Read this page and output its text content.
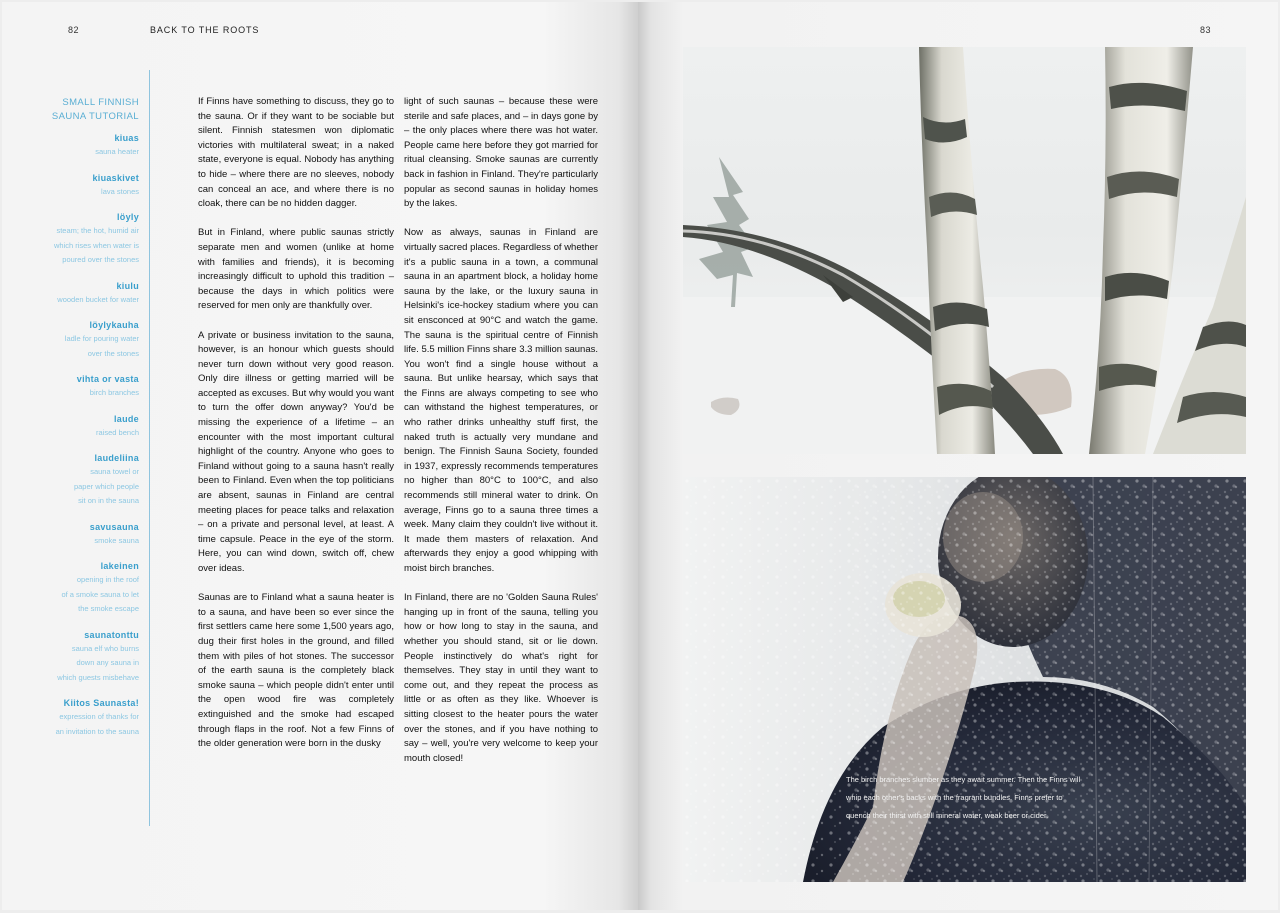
82	BACK TO THE ROOTS
SMALL FINNISH
SAUNA TUTORIAL
kiuas
sauna heater
kiuaskivet
lava stones
löyly
steam; the hot, humid air
which rises when water is
poured over the stones
kiulu
wooden bucket for water
löylykauha
ladle for pouring water
over the stones
vihta or vasta
birch branches
laude
raised bench
laudeliina
sauna towel or
paper which people
sit on in the sauna
savusauna
smoke sauna
lakeinen
opening in the roof
of a smoke sauna to let
the smoke escape
saunatonttu
sauna elf who burns
down any sauna in
which guests misbehave
Kiitos Saunasta!
expression of thanks for
an invitation to the sauna

If Finns have something to discuss, they go to the sauna. Or if they want to be sociable but silent. Finnish statesmen won diplomatic victories with multilateral sweat; in a naked state, everyone is equal. Nobody has anything to hide – where there are no sleeves, nobody can conceal an ace, and where there is no cloak, there can be no hidden dagger.

But in Finland, where public saunas strictly separate men and women (unlike at home with families and friends), it is becoming increasingly difficult to uphold this tradition – because the days in which politics were reserved for men only are thankfully over.

A private or business invitation to the sauna, however, is an honour which guests should never turn down without very good reason. Only dire illness or getting married will be accepted as excuses. But why would you want to turn the offer down anyway? You'd be missing the experience of a lifetime – an encounter with the most important cultural highlight of the country. Anyone who goes to Finland without going to a sauna hasn't really been to Finland. Even when the top politicians are absent, saunas in Finland are central meeting places for peace talks and relaxation – on a private and personal level, at least. A time capsule. Peace in the eye of the storm. Here, you can wind down, switch off, chew over ideas.

Saunas are to Finland what a sauna heater is to a sauna, and have been so ever since the first settlers came here some 1,500 years ago, dug their first holes in the ground, and filled them with piles of hot stones. The successor of the earth sauna is the completely black smoke sauna – which people didn't enter until the open wood fire was completely extinguished and the smoke had escaped through flaps in the roof. Not a few Finns of the older generation were born in the dusky

light of such saunas – because these were sterile and safe places, and – in days gone by – the only places where there was hot water. People came here before they got married for ritual cleansing. Smoke saunas are currently back in fashion in Finland. They're particularly popular as second saunas in holiday homes by the lakes.

Now as always, saunas in Finland are virtually sacred places. Regardless of whether it's a public sauna in a town, a communal sauna in an apartment block, a holiday home sauna by the lake, or the luxury sauna in Helsinki's ice-hockey stadium where you can sit ensconced at 90°C and watch the game. The sauna is the spiritual centre of Finnish life. 5.5 million Finns share 3.3 million saunas. You won't find a single house without a sauna. But unlike hearsay, which says that the Finns are always competing to see who can withstand the highest temperatures, or who rather drinks unhealthy stuff first, the naked truth is actually very mundane and benign. The Finnish Sauna Society, founded in 1937, expressly recommends temperatures no higher than 80°C to 100°C, and also recommends still mineral water to drink. On average, Finns go to a sauna three times a week. Many claim they couldn't live without it. It made them masters of relaxation. And afterwards they enjoy a good whipping with moist birch branches.

In Finland, there are no 'Golden Sauna Rules' hanging up in front of the sauna, telling you how or how long to stay in the sauna, and whether you should stand, sit or lie down. People instinctively do what's right for themselves. They stay in until they want to come out, and they repeat the process as little or as often as they like. Whoever is sitting closest to the heater pours the water over the stones, and if you have nothing to say – well, you're very welcome to keep your mouth closed!

83
The birch branches slumber as they await summer. Then the Finns will whip each other's backs with the fragrant bundles. Finns prefer to quench their thirst with still mineral water, weak beer or cider.
